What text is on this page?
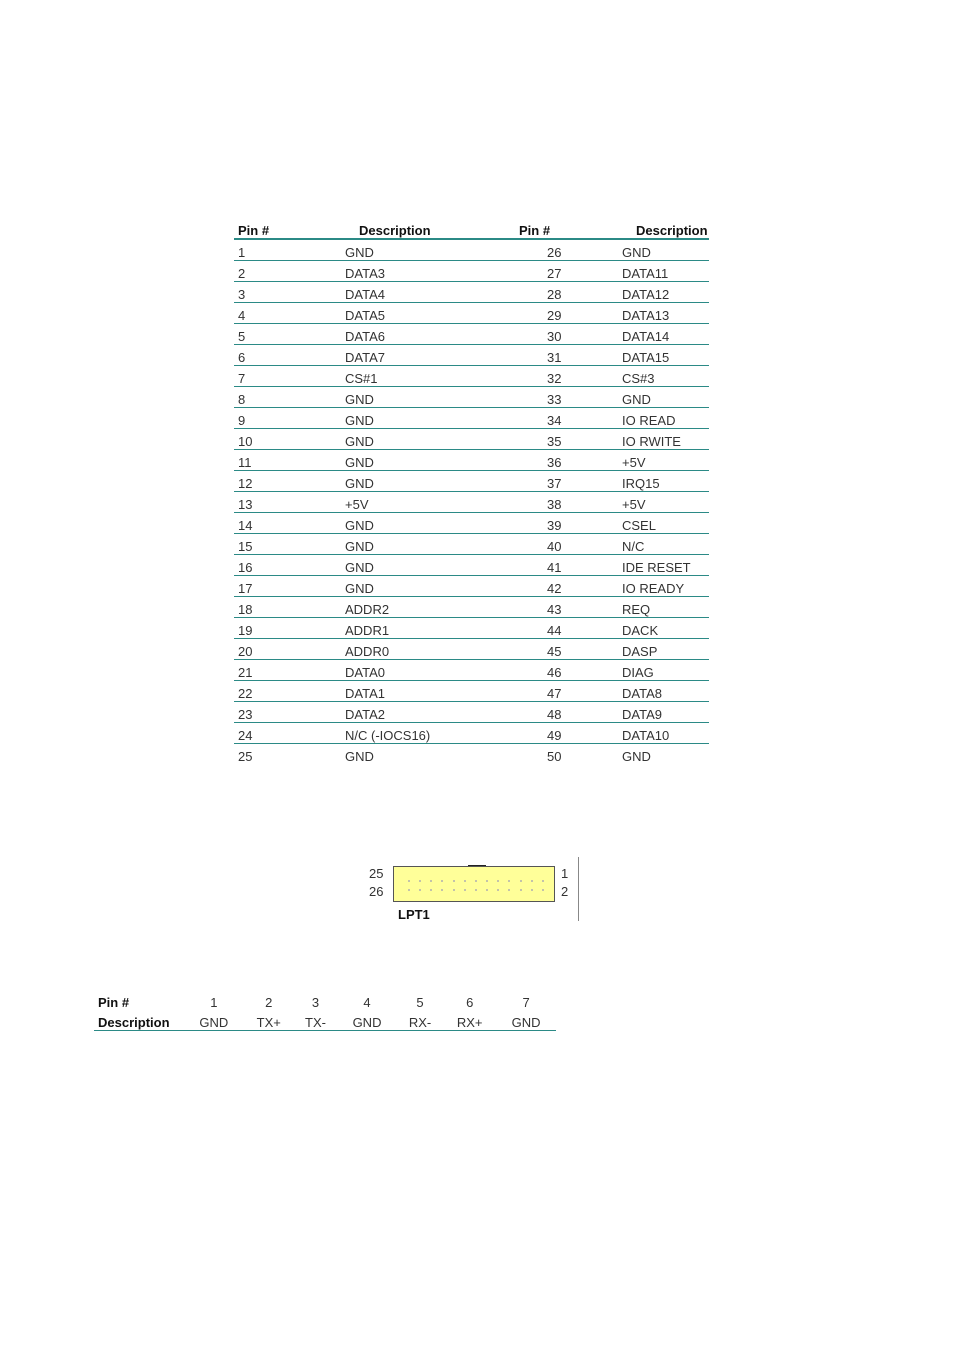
Pin #	Description	Pin #	Description
1	GND	26	GND
2	DATA3	27	DATA11
3	DATA4	28	DATA12
4	DATA5	29	DATA13
5	DATA6	30	DATA14
6	DATA7	31	DATA15
7	CS#1	32	CS#3
8	GND	33	GND
9	GND	34	IO READ
10	GND	35	IO RWITE
11	GND	36	+5V
12	GND	37	IRQ15
13	+5V	38	+5V
14	GND	39	CSEL
15	GND	40	N/C
16	GND	41	IDE RESET
17	GND	42	IO READY
18	ADDR2	43	REQ
19	ADDR1	44	DACK
20	ADDR0	45	DASP
21	DATA0	46	DIAG
22	DATA1	47	DATA8
23	DATA2	48	DATA9
24	N/C (-IOCS16)	49	DATA10
25	GND	50	GND
25
26
1
2
LPT1
Pin #	1	2	3	4	5	6	7
Description	GND	TX+	TX-	GND	RX-	RX+	GND
